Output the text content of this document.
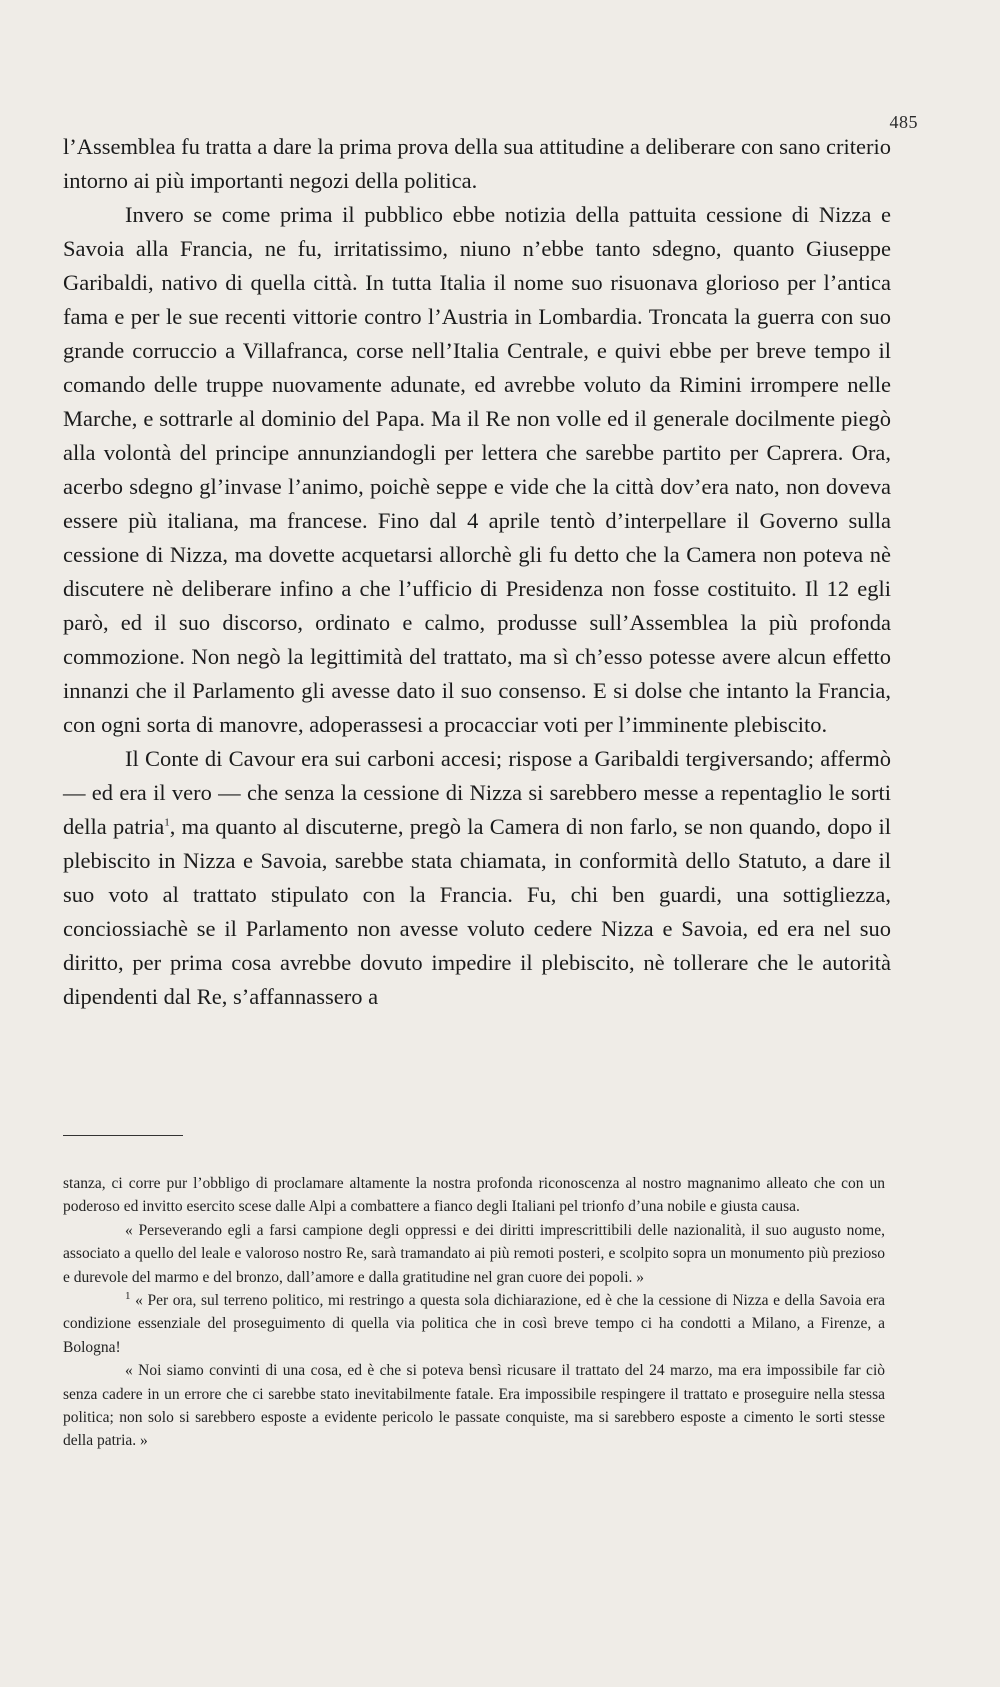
485

l’Assemblea fu tratta a dare la prima prova della sua attitudine a deliberare con sano criterio intorno ai più importanti negozi della politica.

Invero se come prima il pubblico ebbe notizia della pattuita cessione di Nizza e Savoia alla Francia, ne fu, irritatissimo, niuno n’ebbe tanto sdegno, quanto Giuseppe Garibaldi, nativo di quella città. In tutta Italia il nome suo risuonava glorioso per l’antica fama e per le sue recenti vittorie contro l’Austria in Lombardia. Troncata la guerra con suo grande corruccio a Villafranca, corse nell’Italia Centrale, e quivi ebbe per breve tempo il comando delle truppe nuovamente adunate, ed avrebbe voluto da Rimini irrompere nelle Marche, e sottrarle al dominio del Papa. Ma il Re non volle ed il generale docilmente piegò alla volontà del principe annunziandogli per lettera che sarebbe partito per Caprera. Ora, acerbo sdegno gl’invase l’animo, poichè seppe e vide che la città dov’era nato, non doveva essere più italiana, ma francese. Fino dal 4 aprile tentò d’interpellare il Governo sulla cessione di Nizza, ma dovette acquetarsi allorchè gli fu detto che la Camera non poteva nè discutere nè deliberare infino a che l’ufficio di Presidenza non fosse costituito. Il 12 egli parò, ed il suo discorso, ordinato e calmo, produsse sull’Assemblea la più profonda commozione. Non negò la legittimità del trattato, ma sì ch’esso potesse avere alcun effetto innanzi che il Parlamento gli avesse dato il suo consenso. E si dolse che intanto la Francia, con ogni sorta di manovre, adoperassesi a procacciar voti per l’imminente plebiscito.

Il Conte di Cavour era sui carboni accesi; rispose a Garibaldi tergiversando; affermò — ed era il vero — che senza la cessione di Nizza si sarebbero messe a repentaglio le sorti della patria$^1$, ma quanto al discuterne, pregò la Camera di non farlo, se non quando, dopo il plebiscito in Nizza e Savoia, sarebbe stata chiamata, in conformità dello Statuto, a dare il suo voto al trattato stipulato con la Francia. Fu, chi ben guardi, una sottigliezza, conciossiachè se il Parlamento non avesse voluto cedere Nizza e Savoia, ed era nel suo diritto, per prima cosa avrebbe dovuto impedire il plebiscito, nè tollerare che le autorità dipendenti dal Re, s’affannassero a

stanza, ci corre pur l’obbligo di proclamare altamente la nostra profonda riconoscenza al nostro magnanimo alleato che con un poderoso ed invitto esercito scese dalle Alpi a combattere a fianco degli Italiani pel trionfo d’una nobile e giusta causa.

« Perseverando egli a farsi campione degli oppressi e dei diritti imprescrittibili delle nazionalità, il suo augusto nome, associato a quello del leale e valoroso nostro Re, sarà tramandato ai più remoti posteri, e scolpito sopra un monumento più prezioso e durevole del marmo e del bronzo, dall’amore e dalla gratitudine nel gran cuore dei popoli. »

$^1$ « Per ora, sul terreno politico, mi restringo a questa sola dichiarazione, ed è che la cessione di Nizza e della Savoia era condizione essenziale del proseguimento di quella via politica che in così breve tempo ci ha condotti a Milano, a Firenze, a Bologna!

« Noi siamo convinti di una cosa, ed è che si poteva bensì ricusare il trattato del 24 marzo, ma era impossibile far ciò senza cadere in un errore che ci sarebbe stato inevitabilmente fatale. Era impossibile respingere il trattato e proseguire nella stessa politica; non solo si sarebbero esposte a evidente pericolo le passate conquiste, ma si sarebbero esposte a cimento le sorti stesse della patria. »
